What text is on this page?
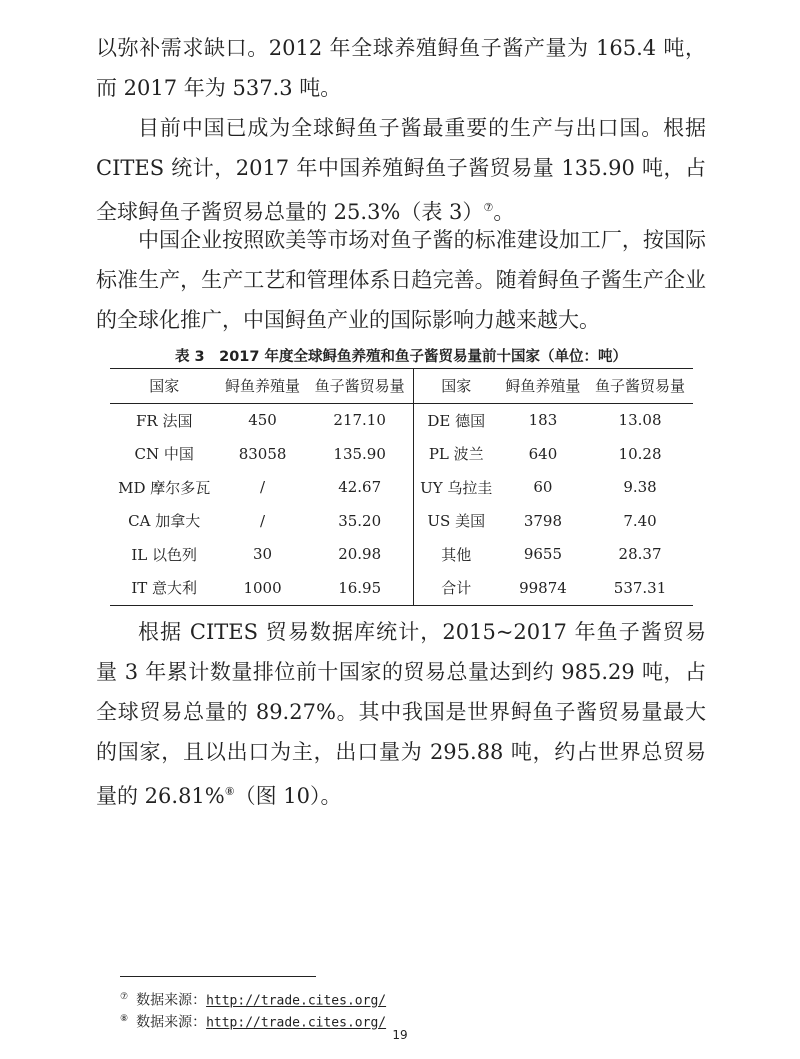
以弥补需求缺口。2012 年全球养殖鲟鱼子酱产量为 165.4 吨，而 2017 年为 537.3 吨。

目前中国已成为全球鲟鱼子酱最重要的生产与出口国。根据 CITES 统计，2017 年中国养殖鲟鱼子酱贸易量 135.90 吨，占全球鲟鱼子酱贸易总量的 25.3%（表 3）⑦。

中国企业按照欧美等市场对鱼子酱的标准建设加工厂，按国际标准生产，生产工艺和管理体系日趋完善。随着鲟鱼子酱生产企业的全球化推广，中国鲟鱼产业的国际影响力越来越大。

表 3　2017 年度全球鲟鱼养殖和鱼子酱贸易量前十国家（单位：吨）
国家	鲟鱼养殖量	鱼子酱贸易量	国家	鲟鱼养殖量	鱼子酱贸易量
FR 法国	450	217.10	DE 德国	183	13.08
CN 中国	83058	135.90	PL 波兰	640	10.28
MD 摩尔多瓦	/	42.67	UY 乌拉圭	60	9.38
CA 加拿大	/	35.20	US 美国	3798	7.40
IL 以色列	30	20.98	其他	9655	28.37
IT 意大利	1000	16.95	合计	99874	537.31

根据 CITES 贸易数据库统计，2015~2017 年鱼子酱贸易量 3 年累计数量排位前十国家的贸易总量达到约 985.29 吨，占全球贸易总量的 89.27%。其中我国是世界鲟鱼子酱贸易量最大的国家，且以出口为主，出口量为 295.88 吨，约占世界总贸易量的 26.81%⑧（图 10）。

⑦ 数据来源：http://trade.cites.org/
⑧ 数据来源：http://trade.cites.org/
19
